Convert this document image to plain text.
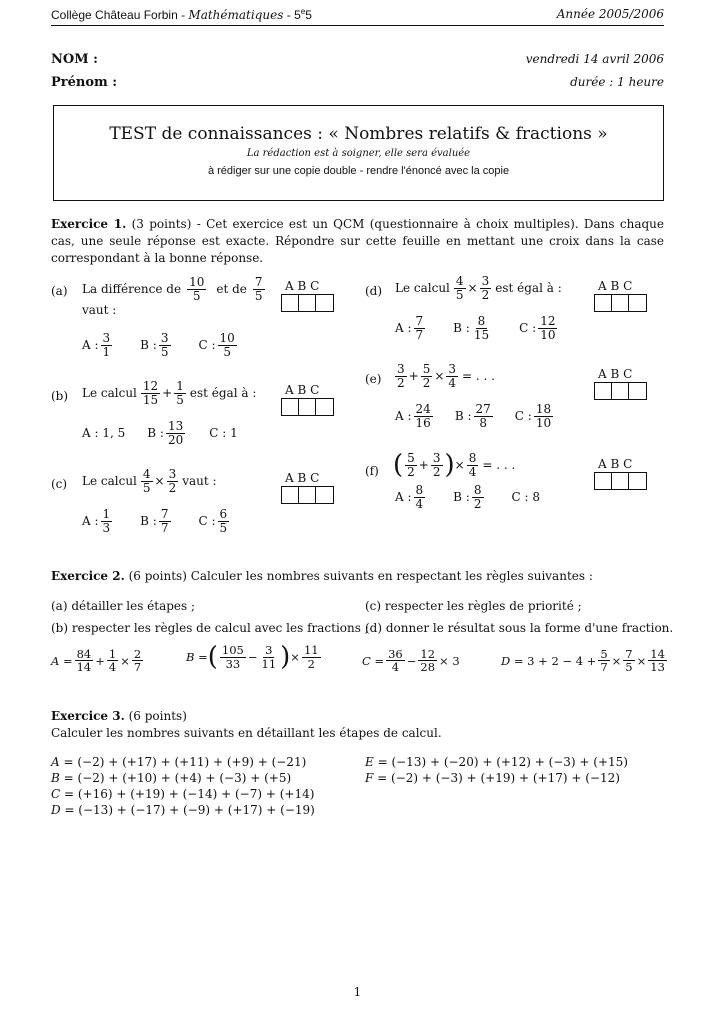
Collège Château Forbin - Mathématiques - 5e5	Année 2005/2006
NOM :
Prénom :
vendredi 14 avril 2006
durée : 1 heure
TEST de connaissances : « Nombres relatifs & fractions »
La rédaction est à soigner, elle sera évaluée
à rédiger sur une copie double - rendre l'énoncé avec la copie
Exercice 1. (3 points) - Cet exercice est un QCM (questionnaire à choix multiples). Dans chaque cas, une seule réponse est exacte. Répondre sur cette feuille en mettant une croix dans la case correspondant à la bonne réponse.
(a) La différence de $\frac{10}{5}$ et de $\frac{7}{5}$
vaut :
A B C
A : $\frac{3}{1}$ B : $\frac{3}{5}$ C : $\frac{10}{5}$
(b) Le calcul $\frac{12}{15} + \frac{1}{5}$ est égal à : A B C
A : 1, 5 B : $\frac{13}{20}$ C : 1
(c) Le calcul $\frac{4}{5} \times \frac{3}{2}$ vaut :	A B C
A : $\frac{1}{3}$ B : $\frac{7}{7}$ C : $\frac{6}{5}$
(d) Le calcul $\frac{4}{5} \times \frac{3}{2}$ est égal à :	A B C
A : $\frac{7}{7}$ B : $\frac{8}{15}$ C : $\frac{12}{10}$
$(e) \frac{3}{2} + \frac{5}{2} \times \frac{3}{4}$ = . . .	A B C
A : $\frac{24}{16}$ B : $\frac{27}{8}$ C : $\frac{18}{10}$
(f) ( $\frac{5}{2} + \frac{3}{2}$ ) × $\frac{8}{4}$ = . . .	A B C
A : $\frac{8}{4}$ B : $\frac{8}{2}$ C : 8
Exercice 2. (6 points) Calculer les nombres suivants en respectant les règles suivantes :
(a) détailler les étapes ;
(b) respecter les règles de calcul avec les fractions ;
(c) respecter les règles de priorité ;
(d) donner le résultat sous la forme d'une fraction.
$A = \frac{84}{14} + \frac{1}{4} \times \frac{2}{7}$	B = ( $\frac{105}{33} - \frac{3}{11}$ ) × $\frac{11}{2}$	$C = \frac{36}{4} - \frac{12}{28} \times 3$	$D = 3 + 2 - 4 + \frac{5}{7} \times \frac{7}{5} \times \frac{14}{13}$
Exercice 3. (6 points)
Calculer les nombres suivants en détaillant les étapes de calcul.
A = (−2) + (+17) + (+11) + (+9) + (−21)
B = (−2) + (+10) + (+4) + (−3) + (+5)
C = (+16) + (+19) + (−14) + (−7) + (+14)
D = (−13) + (−17) + (−9) + (+17) + (−19)
E = (−13) + (−20) + (+12) + (−3) + (+15)
F = (−2) + (−3) + (+19) + (+17) + (−12)
1
